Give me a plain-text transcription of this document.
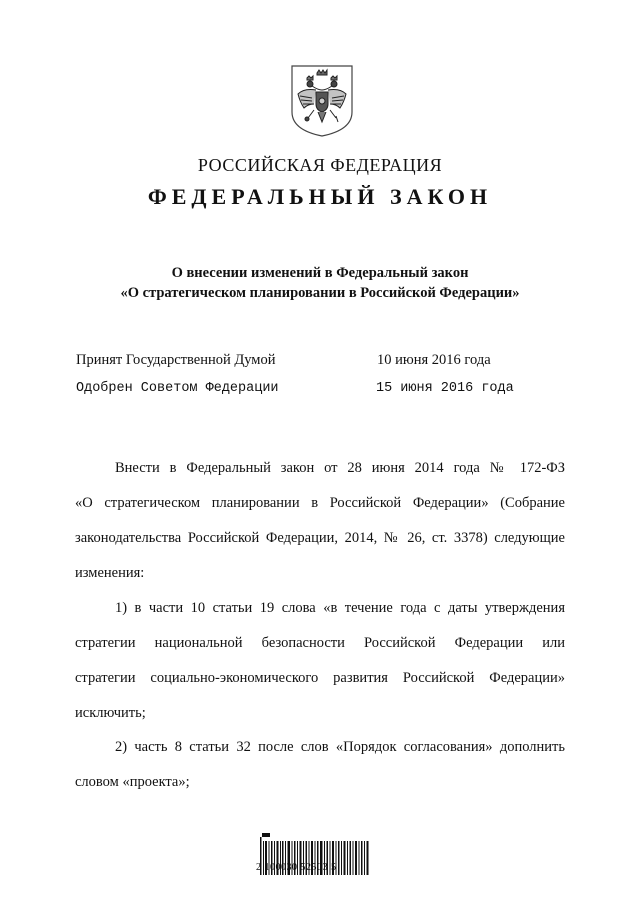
РОССИЙСКАЯ ФЕДЕРАЦИЯ
ФЕДЕРАЛЬНЫЙ ЗАКОН
О внесении изменений в Федеральный закон
«О стратегическом планировании в Российской Федерации»
Принят Государственной Думой	10 июня 2016 года
Одобрен Советом Федерации	15 июня 2016 года
Внести в Федеральный закон от 28 июня 2014 года № 172-ФЗ
«О стратегическом планировании в Российской Федерации» (Собрание
законодательства Российской Федерации, 2014, № 26, ст. 3378) следующие
изменения:
1) в части 10 статьи 19 слова «в течение года с даты утверждения
стратегии национальной безопасности Российской Федерации или
стратегии социально-экономического развития Российской Федерации»
исключить;
2) часть 8 статьи 32 после слов «Порядок согласования» дополнить
словом «проекта»;
2 100030 52503 5
